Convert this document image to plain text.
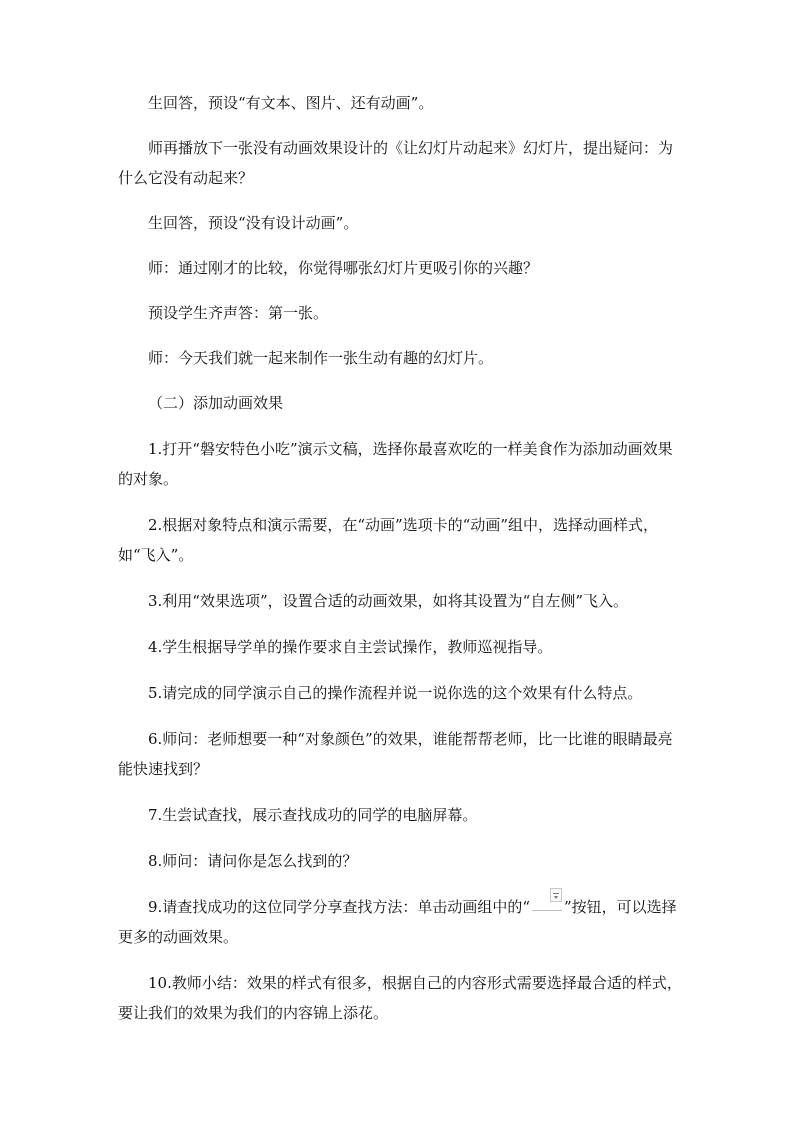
生回答，预设“有文本、图片、还有动画”。

师再播放下一张没有动画效果设计的《让幻灯片动起来》幻灯片，提出疑问：为什么它没有动起来？

生回答，预设“没有设计动画”。

师：通过刚才的比较，你觉得哪张幻灯片更吸引你的兴趣？

预设学生齐声答：第一张。

师：今天我们就一起来制作一张生动有趣的幻灯片。

（二）添加动画效果

1.打开“磐安特色小吃”演示文稿，选择你最喜欢吃的一样美食作为添加动画效果的对象。

2.根据对象特点和演示需要，在“动画”选项卡的“动画”组中，选择动画样式，如“飞入”。

3.利用“效果选项”，设置合适的动画效果，如将其设置为“自左侧”飞入。

4.学生根据导学单的操作要求自主尝试操作，教师巡视指导。

5.请完成的同学演示自己的操作流程并说一说你选的这个效果有什么特点。

6.师问：老师想要一种“对象颜色”的效果，谁能帮帮老师，比一比谁的眼睛最亮能快速找到？

7.生尝试查找，展示查找成功的同学的电脑屏幕。

8.师问：请问你是怎么找到的？

9.请查找成功的这位同学分享查找方法：单击动画组中的“ ”按钮，可以选择更多的动画效果。

10.教师小结：效果的样式有很多，根据自己的内容形式需要选择最合适的样式，要让我们的效果为我们的内容锦上添花。
